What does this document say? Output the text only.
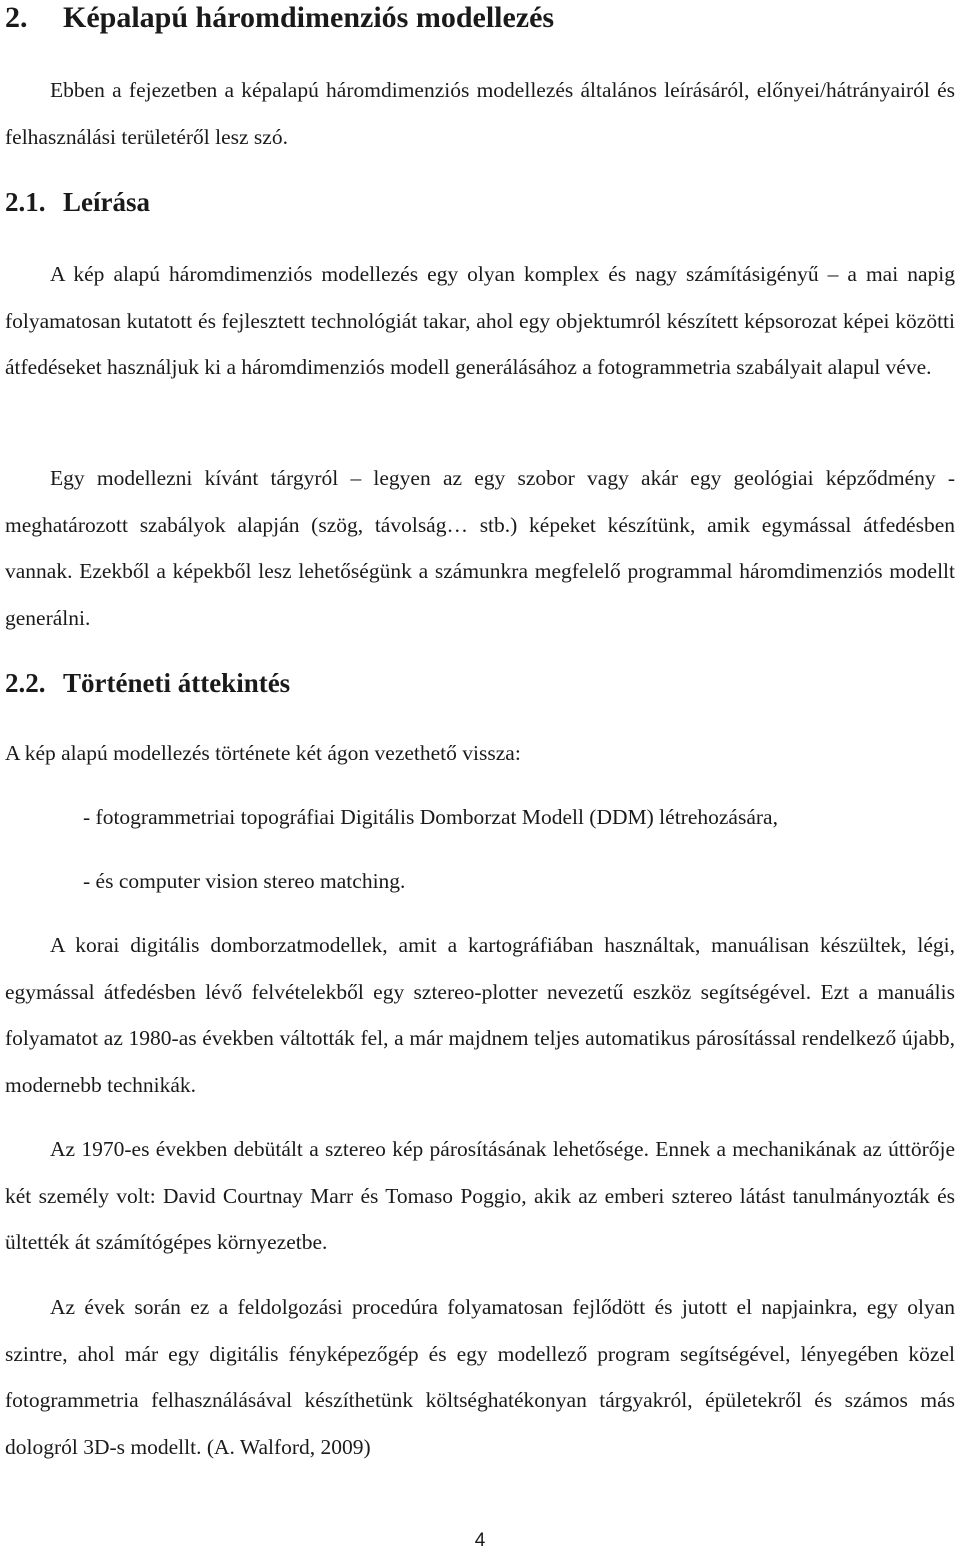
2. Képalapú háromdimenziós modellezés

Ebben a fejezetben a képalapú háromdimenziós modellezés általános leírásáról, előnyei/hátrányairól és felhasználási területéről lesz szó.

2.1. Leírása

A kép alapú háromdimenziós modellezés egy olyan komplex és nagy számításigényű – a mai napig folyamatosan kutatott és fejlesztett technológiát takar, ahol egy objektumról készített képsorozat képei közötti átfedéseket használjuk ki a háromdimenziós modell generálásához a fotogrammetria szabályait alapul véve.

Egy modellezni kívánt tárgyról – legyen az egy szobor vagy akár egy geológiai képződmény - meghatározott szabályok alapján (szög, távolság… stb.) képeket készítünk, amik egymással átfedésben vannak. Ezekből a képekből lesz lehetőségünk a számunkra megfelelő programmal háromdimenziós modellt generálni.

2.2. Történeti áttekintés

A kép alapú modellezés története két ágon vezethető vissza:

- fotogrammetriai topográfiai Digitális Domborzat Modell (DDM) létrehozására,
- és computer vision stereo matching.

A korai digitális domborzatmodellek, amit a kartográfiában használtak, manuálisan készültek, légi, egymással átfedésben lévő felvételekből egy sztereo-plotter nevezetű eszköz segítségével. Ezt a manuális folyamatot az 1980-as években váltották fel, a már majdnem teljes automatikus párosítással rendelkező újabb, modernebb technikák.

Az 1970-es években debütált a sztereo kép párosításának lehetősége. Ennek a mechanikának az úttörője két személy volt: David Courtnay Marr és Tomaso Poggio, akik az emberi sztereo látást tanulmányozták és ültették át számítógépes környezetbe.

Az évek során ez a feldolgozási procedúra folyamatosan fejlődött és jutott el napjainkra, egy olyan szintre, ahol már egy digitális fényképezőgép és egy modellező program segítségével, lényegében közel fotogrammetria felhasználásával készíthetünk költséghatékonyan tárgyakról, épületekről és számos más dologról 3D-s modellt. (A. Walford, 2009)

4
